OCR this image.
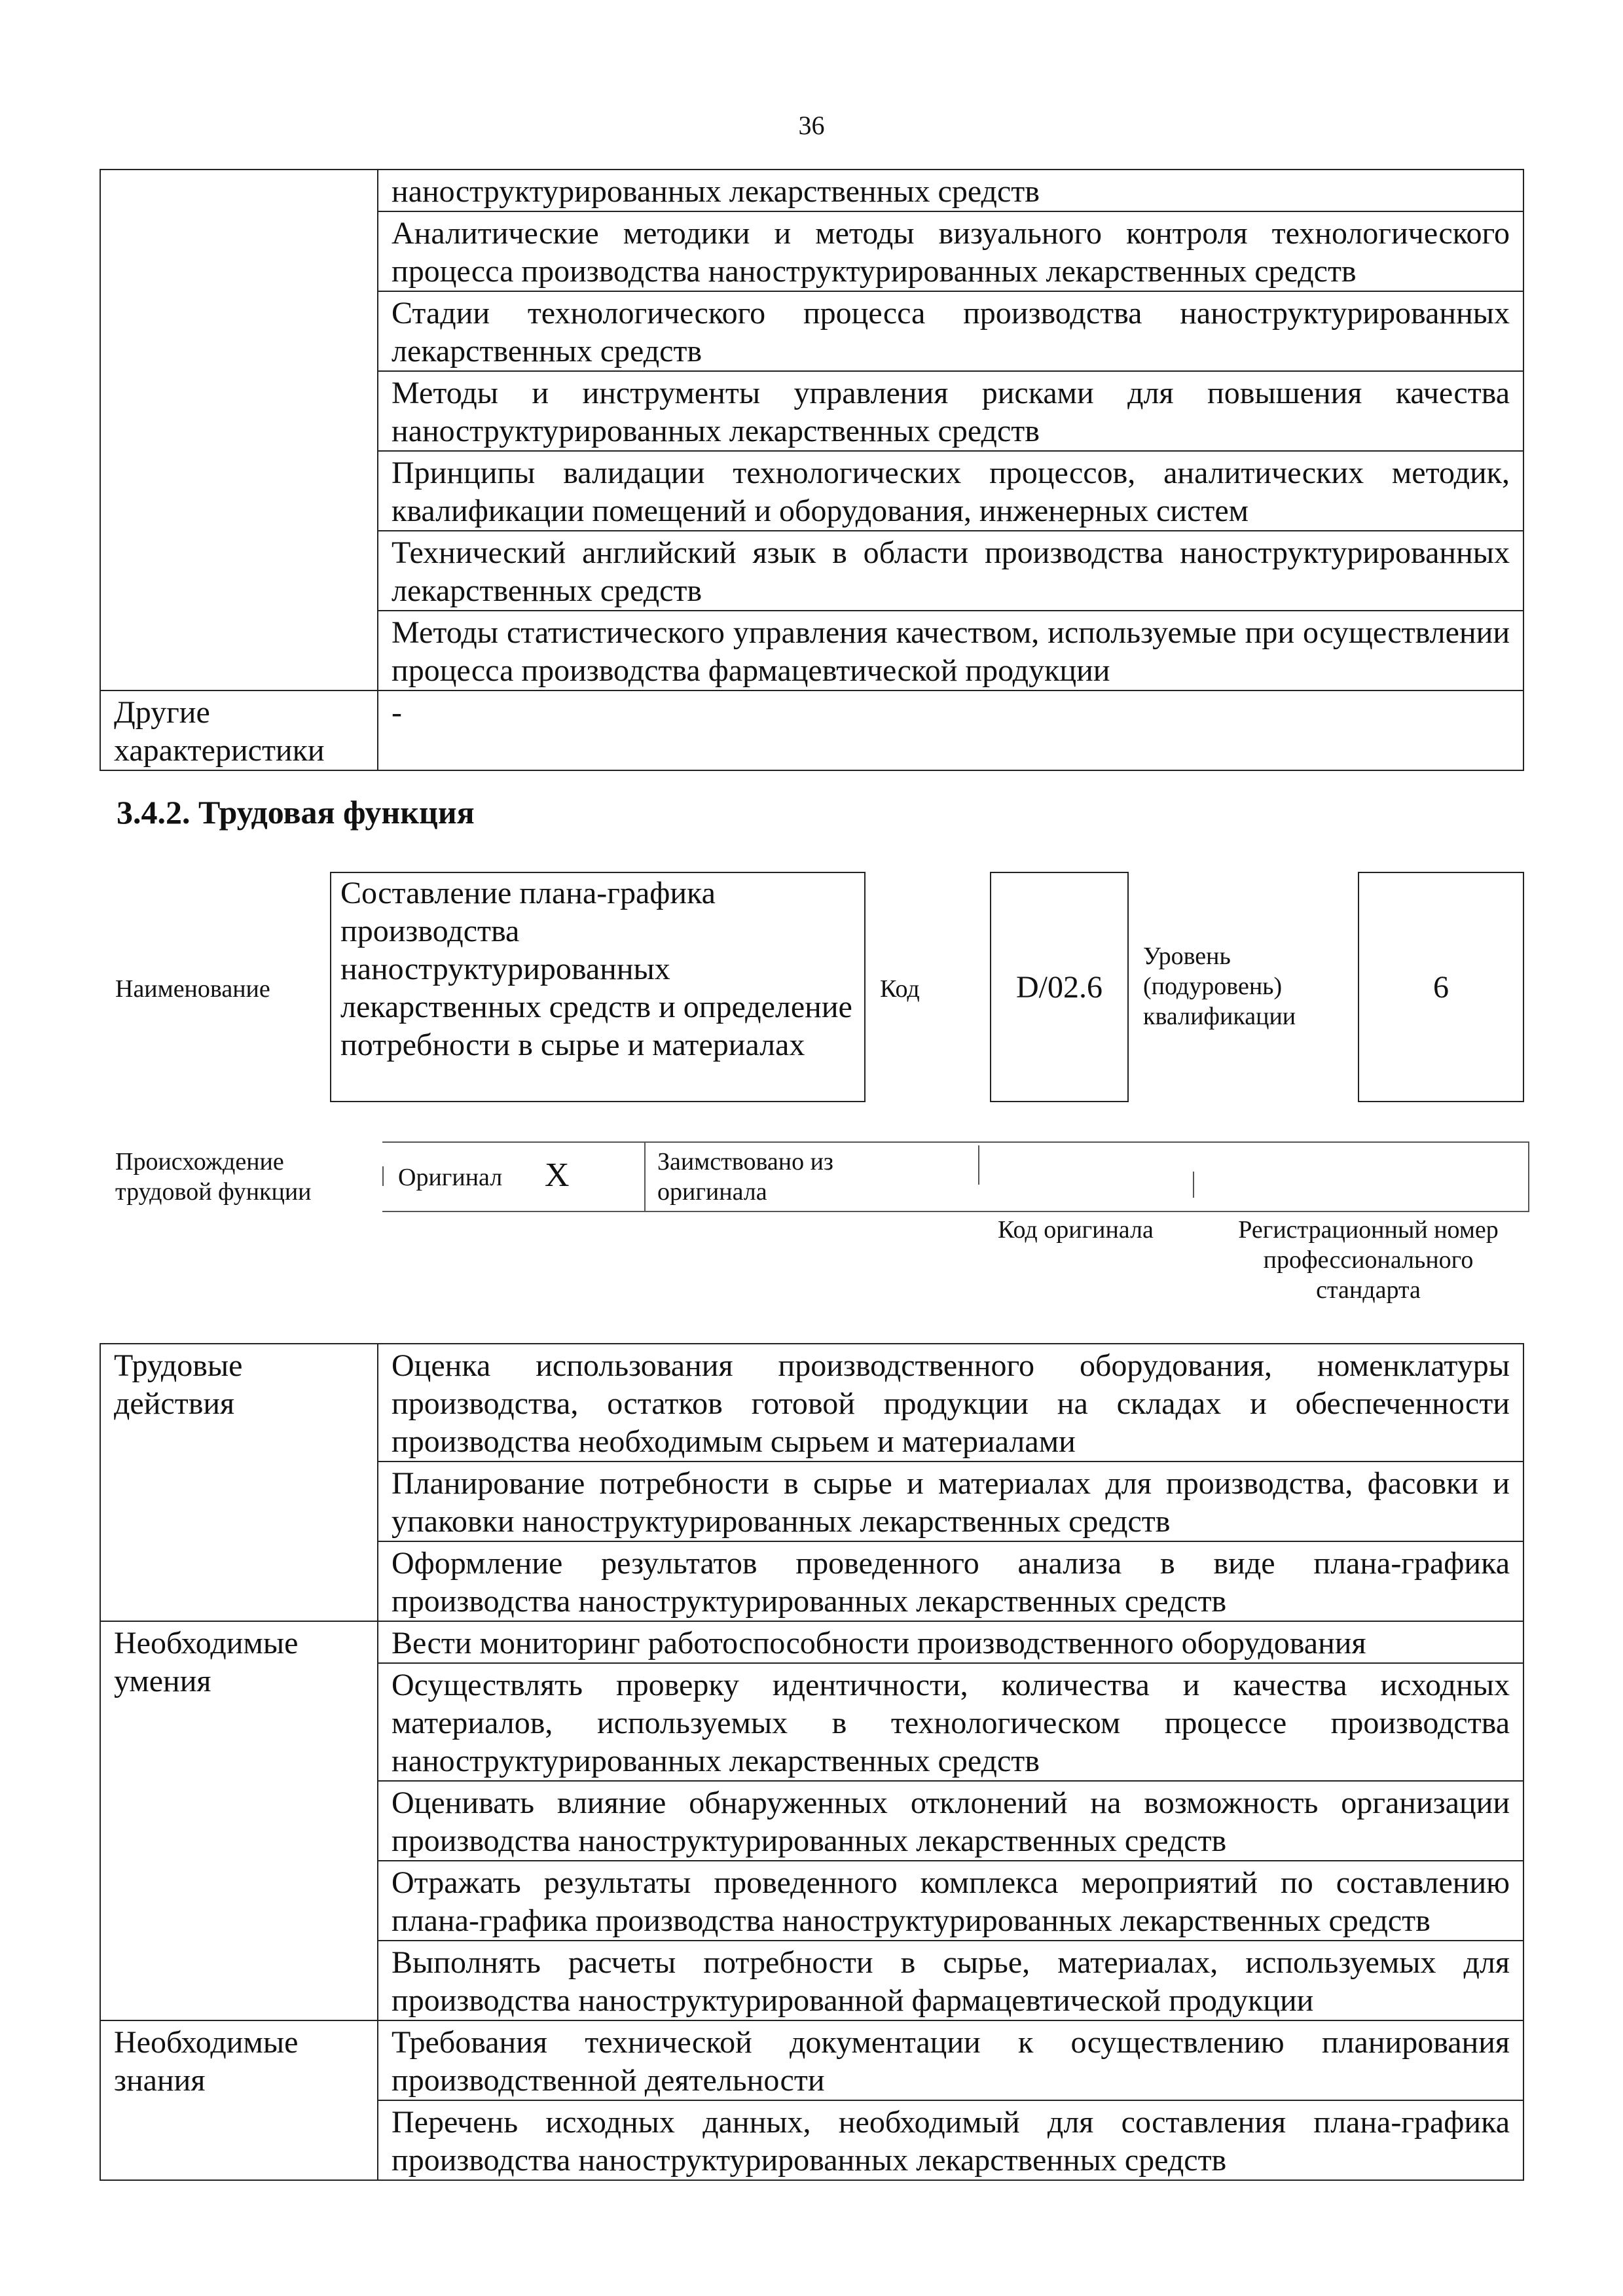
36
	наноструктурированных лекарственных средств
	Аналитические методики и методы визуального контроля технологического процесса производства наноструктурированных лекарственных средств
	Стадии технологического процесса производства наноструктурированных лекарственных средств
	Методы и инструменты управления рисками для повышения качества наноструктурированных лекарственных средств
	Принципы валидации технологических процессов, аналитических методик, квалификации помещений и оборудования, инженерных систем
	Технический английский язык в области производства наноструктурированных лекарственных средств
	Методы статистического управления качеством, используемые при осуществлении процесса производства фармацевтической продукции
Другие характеристики	-
3.4.2. Трудовая функция
Наименование
Составление плана-графика производства наноструктурированных лекарственных средств и определение потребности в сырье и материалах
Код	D/02.6
Уровень (подуровень) квалификации
6
Происхождение трудовой функции
Оригинал X	Заимствовано из оригинала
Код оригинала	Регистрационный номер профессионального стандарта
Трудовые действия	Оценка использования производственного оборудования, номенклатуры производства, остатков готовой продукции на складах и обеспеченности производства необходимым сырьем и материалами
	Планирование потребности в сырье и материалах для производства, фасовки и упаковки наноструктурированных лекарственных средств
	Оформление результатов проведенного анализа в виде плана-графика производства наноструктурированных лекарственных средств
Необходимые умения	Вести мониторинг работоспособности производственного оборудования
	Осуществлять проверку идентичности, количества и качества исходных материалов, используемых в технологическом процессе производства наноструктурированных лекарственных средств
	Оценивать влияние обнаруженных отклонений на возможность организации производства наноструктурированных лекарственных средств
	Отражать результаты проведенного комплекса мероприятий по составлению плана-графика производства наноструктурированных лекарственных средств
	Выполнять расчеты потребности в сырье, материалах, используемых для производства наноструктурированной фармацевтической продукции
Необходимые знания	Требования технической документации к осуществлению планирования производственной деятельности
	Перечень исходных данных, необходимый для составления плана-графика производства наноструктурированных лекарственных средств
